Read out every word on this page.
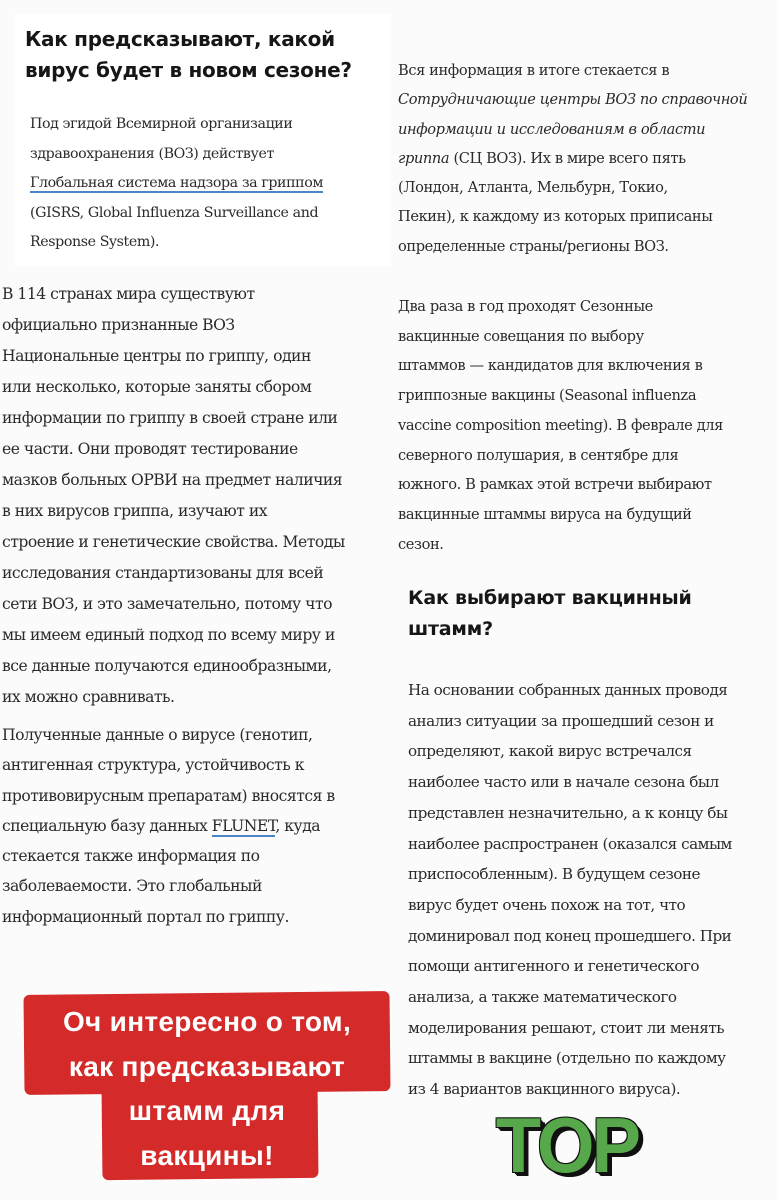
Как предсказывают, какой
вирус будет в новом сезоне?
Под эгидой Всемирной организации
здравоохранения (ВОЗ) действует
Глобальная система надзора за гриппом
(GISRS, Global Influenza Surveillance and
Response System).
В 114 странах мира существуют
официально признанные ВОЗ
Национальные центры по гриппу, один
или несколько, которые заняты сбором
информации по гриппу в своей стране или
ее части. Они проводят тестирование
мазков больных ОРВИ на предмет наличия
в них вирусов гриппа, изучают их
строение и генетические свойства. Методы
исследования стандартизованы для всей
сети ВОЗ, и это замечательно, потому что
мы имеем единый подход по всему миру и
все данные получаются единообразными,
их можно сравнивать.
Полученные данные о вирусе (генотип,
антигенная структура, устойчивость к
противовирусным препаратам) вносятся в
специальную базу данных FLUNET, куда
стекается также информация по
заболеваемости. Это глобальный
информационный портал по гриппу.
Вся информация в итоге стекается в
Сотрудничающие центры ВОЗ по справочной
информации и исследованиям в области
гриппа (СЦ ВОЗ). Их в мире всего пять
(Лондон, Атланта, Мельбурн, Токио,
Пекин), к каждому из которых приписаны
определенные страны/регионы ВОЗ.
Два раза в год проходят Сезонные
вакцинные совещания по выбору
штаммов — кандидатов для включения в
гриппозные вакцины (Seasonal influenza
vaccine composition meeting). В феврале для
северного полушария, в сентябре для
южного. В рамках этой встречи выбирают
вакцинные штаммы вируса на будущий
сезон.
Как выбирают вакцинный
штамм?
На основании собранных данных проводя
анализ ситуации за прошедший сезон и
определяют, какой вирус встречался
наиболее часто или в начале сезона был
представлен незначительно, а к концу бы
наиболее распространен (оказался самым
приспособленным). В будущем сезоне
вирус будет очень похож на тот, что
доминировал под конец прошедшего. При
помощи антигенного и генетического
анализа, а также математического
моделирования решают, стоит ли менять
штаммы в вакцине (отдельно по каждому
из 4 вариантов вакцинного вируса).
Оч интересно о том,
как предсказывают
штамм для
вакцины!	TOP
